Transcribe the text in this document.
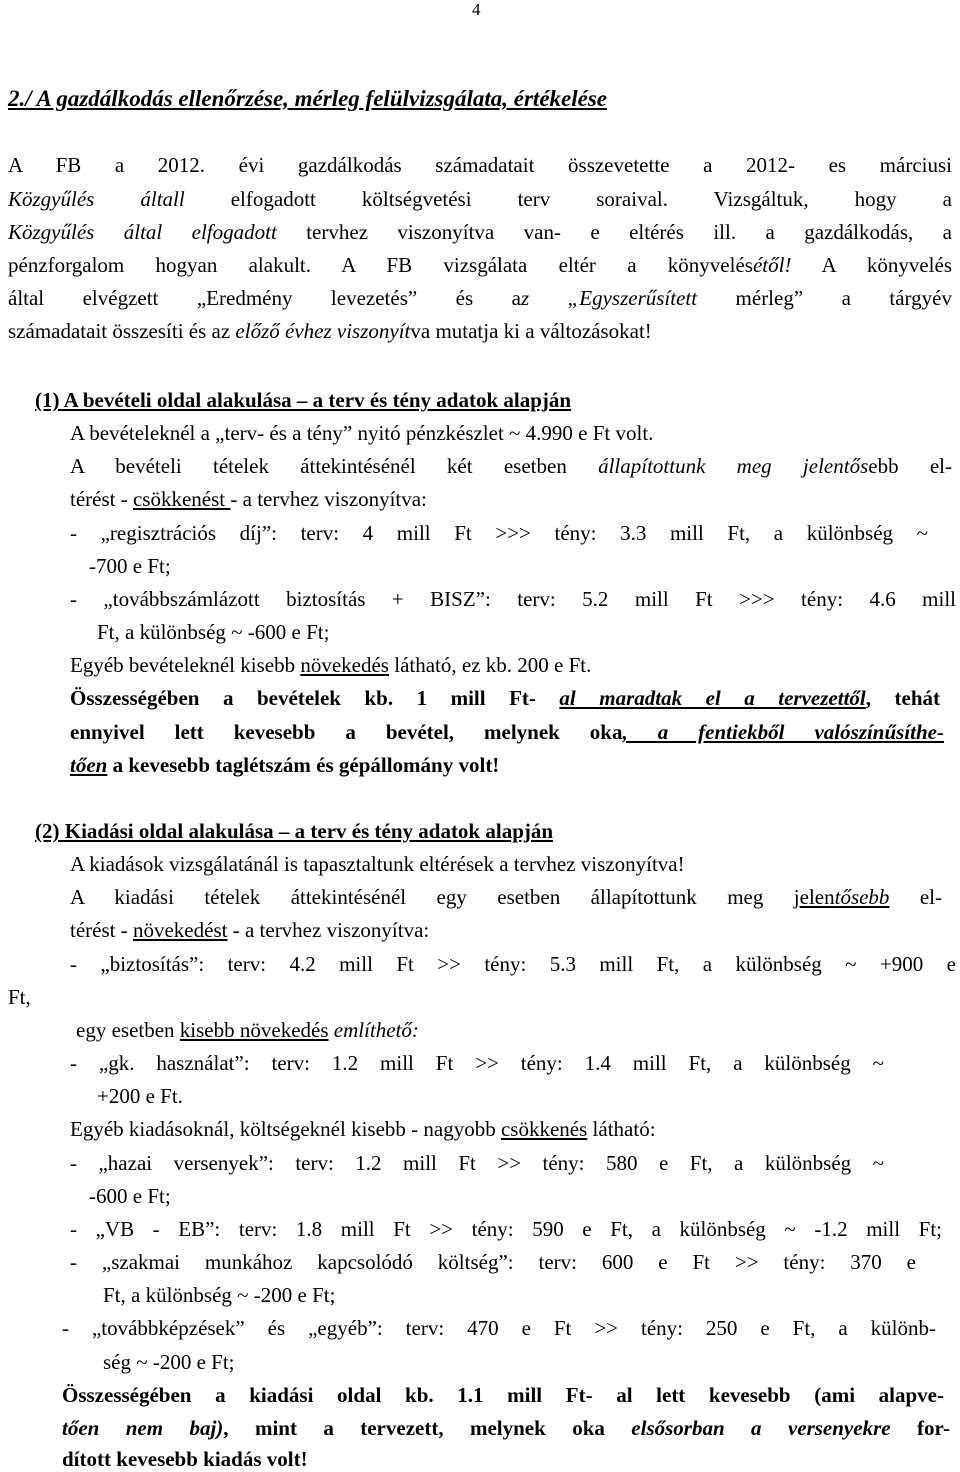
4
2./ A gazdálkodás ellenőrzése, mérleg felülvizsgálata, értékelése
A FB a 2012. évi gazdálkodás számadatait összevetette a 2012- es márciusi
Közgyűlés általl elfogadott költségvetési terv soraival. Vizsgáltuk, hogy a
Közgyűlés által elfogadott tervhez viszonyítva van- e eltérés ill. a gazdálkodás, a
pénzforgalom hogyan alakult. A FB vizsgálata eltér a könyvelésétől! A könyvelés
által elvégzett „Eredmény levezetés” és az „Egyszerűsített mérleg” a tárgyév
számadatait összesíti és az előző évhez viszonyítva mutatja ki a változásokat!
(1) A bevételi oldal alakulása – a terv és tény adatok alapján
A bevételeknél a „terv- és a tény” nyitó pénzkészlet ~ 4.990 e Ft volt.
A bevételi tételek áttekintésénél két esetben állapítottunk meg jelentősebb el-
térést - csökkenést - a tervhez viszonyítva:
- „regisztrációs díj”: terv: 4 mill Ft >>> tény: 3.3 mill Ft, a különbség ~
-700 e Ft;
- „továbbszámlázott biztosítás + BISZ”: terv: 5.2 mill Ft >>> tény: 4.6 mill
Ft, a különbség ~ -600 e Ft;
Egyéb bevételeknél kisebb növekedés látható, ez kb. 200 e Ft.
Összességében a bevételek kb. 1 mill Ft- al maradtak el a tervezettől, tehát
ennyivel lett kevesebb a bevétel, melynek oka, a fentiekből valószínűsíthe-
tően a kevesebb taglétszám és gépállomány volt!
(2) Kiadási oldal alakulása – a terv és tény adatok alapján
A kiadások vizsgálatánál is tapasztaltunk eltérések a tervhez viszonyítva!
A kiadási tételek áttekintésénél egy esetben állapítottunk meg jelentősebb el-
térést - növekedést - a tervhez viszonyítva:
- „biztosítás”: terv: 4.2 mill Ft >> tény: 5.3 mill Ft, a különbség ~ +900 e
Ft,
egy esetben kisebb növekedés említhető:
- „gk. használat”: terv: 1.2 mill Ft >> tény: 1.4 mill Ft, a különbség ~
+200 e Ft.
Egyéb kiadásoknál, költségeknél kisebb - nagyobb csökkenés látható:
- „hazai versenyek”: terv: 1.2 mill Ft >> tény: 580 e Ft, a különbség ~
-600 e Ft;
- „VB - EB”: terv: 1.8 mill Ft >> tény: 590 e Ft, a különbség ~ -1.2 mill Ft;
- „szakmai munkához kapcsolódó költség”: terv: 600 e Ft >> tény: 370 e
Ft, a különbség ~ -200 e Ft;
- „továbbképzések” és „egyéb”: terv: 470 e Ft >> tény: 250 e Ft, a különb-
ség ~ -200 e Ft;
Összességében a kiadási oldal kb. 1.1 mill Ft- al lett kevesebb (ami alapve-
tően nem baj), mint a tervezett, melynek oka elsősorban a versenyekre for-
dított kevesebb kiadás volt!
